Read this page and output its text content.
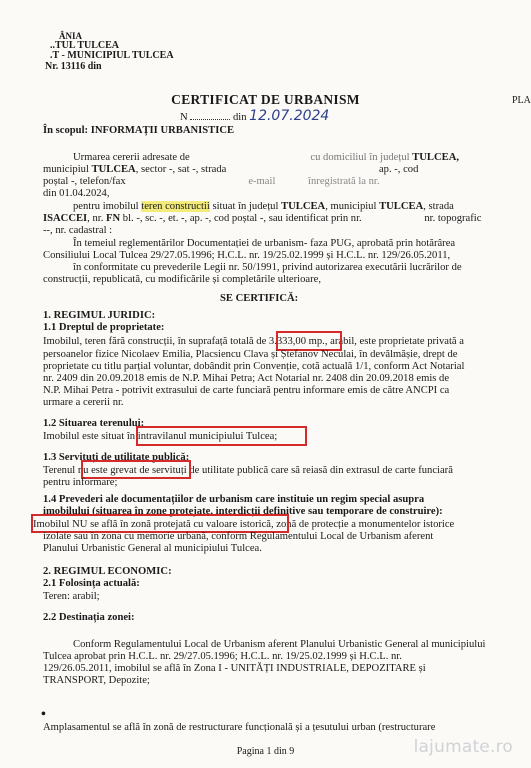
ÂNIA
..TUL TULCEA
.T - MUNICIPIUL TULCEA
Nr. 13116 din
PLA
CERTIFICAT DE URBANISM
N	din 12.07.2024
În scopul: INFORMAȚII URBANISTICE
Urmarea cererii adresate de	cu domiciliul în județul TULCEA,
municipiul TULCEA, sector -, sat -, strada	ap. -, cod
poștal -, telefon/fax	e-mail	înregistrată la nr.
din 01.04.2024,
pentru imobilul teren constructii situat în județul TULCEA, municipiul TULCEA, strada
ISACCEI, nr. FN bl. -, sc. -, et. -, ap. -, cod poștal -, sau identificat prin nr.	nr. topografic
--, nr. cadastral :
În temeiul reglementărilor Documentației de urbanism- faza PUG, aprobată prin hotărârea
Consiliului Local Tulcea 29/27.05.1996; H.C.L. nr. 19/25.02.1999 și H.C.L. nr. 129/26.05.2011,
în conformitate cu prevederile Legii nr. 50/1991, privind autorizarea executării lucrărilor de
construcții, republicată, cu modificările și completările ulterioare,
SE CERTIFICĂ:
1. REGIMUL JURIDIC:
1.1 Dreptul de proprietate:
Imobilul, teren fără construcții, în suprafață totală de 3.333,00 mp., arabil, este proprietate privată a
persoanelor fizice Nicolaev Emilia, Placsiencu Clava și Ștefanov Neculai, în devălmășie, drept de
proprietate cu titlu parțial voluntar, dobândit prin Convenție, cotă actuală 1/1, conform Act Notarial
nr. 2409 din 20.09.2018 emis de N.P. Mihai Petra; Act Notarial nr. 2408 din 20.09.2018 emis de
N.P. Mihai Petra - potrivit extrasului de carte funciară pentru informare emis de către ANCPI ca
urmare a cererii nr.
1.2 Situarea terenului:
Imobilul este situat în intravilanul municipiului Tulcea;
1.3 Servituți de utilitate publică:
Terenul nu este grevat de servituți de utilitate publică care să reiasă din extrasul de carte funciară
pentru informare;
1.4 Prevederi ale documentațiilor de urbanism care instituie un regim special asupra
imobilului (situarea în zone protejate, interdicții definitive sau temporare de construire):
Imobilul NU se află în zonă protejată cu valoare istorică, zonă de protecție a monumentelor istorice
izolate sau în zona cu memorie urbană, conform Regulamentului Local de Urbanism aferent
Planului Urbanistic General al municipiului Tulcea.
2. REGIMUL ECONOMIC:
2.1 Folosința actuală:
Teren: arabil;
2.2 Destinația zonei:
Conform Regulamentului Local de Urbanism aferent Planului Urbanistic General al municipiului
Tulcea aprobat prin H.C.L. nr. 29/27.05.1996; H.C.L. nr. 19/25.02.1999 și H.C.L. nr.
129/26.05.2011, imobilul se află în Zona I - UNITĂȚI INDUSTRIALE, DEPOZITARE și
TRANSPORT, Depozite;
•
Amplasamentul se află în zonă de restructurare funcțională și a țesutului urban (restructurare
Pagina 1 din 9	lajumate.ro
